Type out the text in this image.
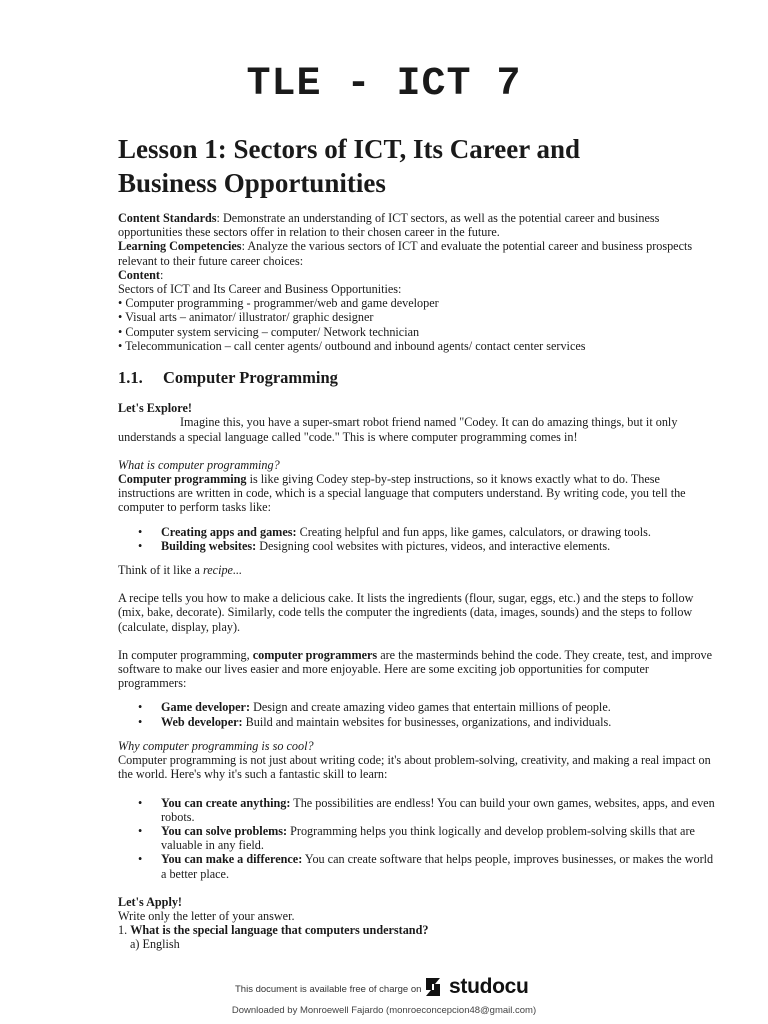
TLE - ICT 7
Lesson 1: Sectors of ICT, Its Career and
Business Opportunities

Content Standards: Demonstrate an understanding of ICT sectors, as well as the potential career and business opportunities these sectors offer in relation to their chosen career in the future.

Learning Competencies: Analyze the various sectors of ICT and evaluate the potential career and business prospects relevant to their future career choices:

Content:

Sectors of ICT and Its Career and Business Opportunities:

• Computer programming - programmer/web and game developer

• Visual arts – animator/ illustrator/ graphic designer

• Computer system servicing – computer/ Network technician

• Telecommunication – call center agents/ outbound and inbound agents/ contact center services

1.1. Computer Programming

Let's Explore!

Imagine this, you have a super-smart robot friend named "Codey. It can do amazing things, but it only understands a special language called "code." This is where computer programming comes in!

What is computer programming?

Computer programming is like giving Codey step-by-step instructions, so it knows exactly what to do. These instructions are written in code, which is a special language that computers understand. By writing code, you tell the computer to perform tasks like:

• Creating apps and games: Creating helpful and fun apps, like games, calculators, or drawing tools.
• Building websites: Designing cool websites with pictures, videos, and interactive elements.

Think of it like a recipe...

A recipe tells you how to make a delicious cake. It lists the ingredients (flour, sugar, eggs, etc.) and the steps to follow (mix, bake, decorate). Similarly, code tells the computer the ingredients (data, images, sounds) and the steps to follow (calculate, display, play).

In computer programming, computer programmers are the masterminds behind the code. They create, test, and improve software to make our lives easier and more enjoyable. Here are some exciting job opportunities for computer programmers:

• Game developer: Design and create amazing video games that entertain millions of people.
• Web developer: Build and maintain websites for businesses, organizations, and individuals.

Why computer programming is so cool?

Computer programming is not just about writing code; it's about problem-solving, creativity, and making a real impact on the world. Here's why it's such a fantastic skill to learn:

• You can create anything: The possibilities are endless! You can build your own games, websites, apps, and even robots.
• You can solve problems: Programming helps you think logically and develop problem-solving skills that are valuable in any field.
• You can make a difference: You can create software that helps people, improves businesses, or makes the world a better place.

Let's Apply!

Write only the letter of your answer.

1. What is the special language that computers understand?

a) English

This document is available free of charge on studocu
Downloaded by Monroewell Fajardo (monroeconcepcion48@gmail.com)
